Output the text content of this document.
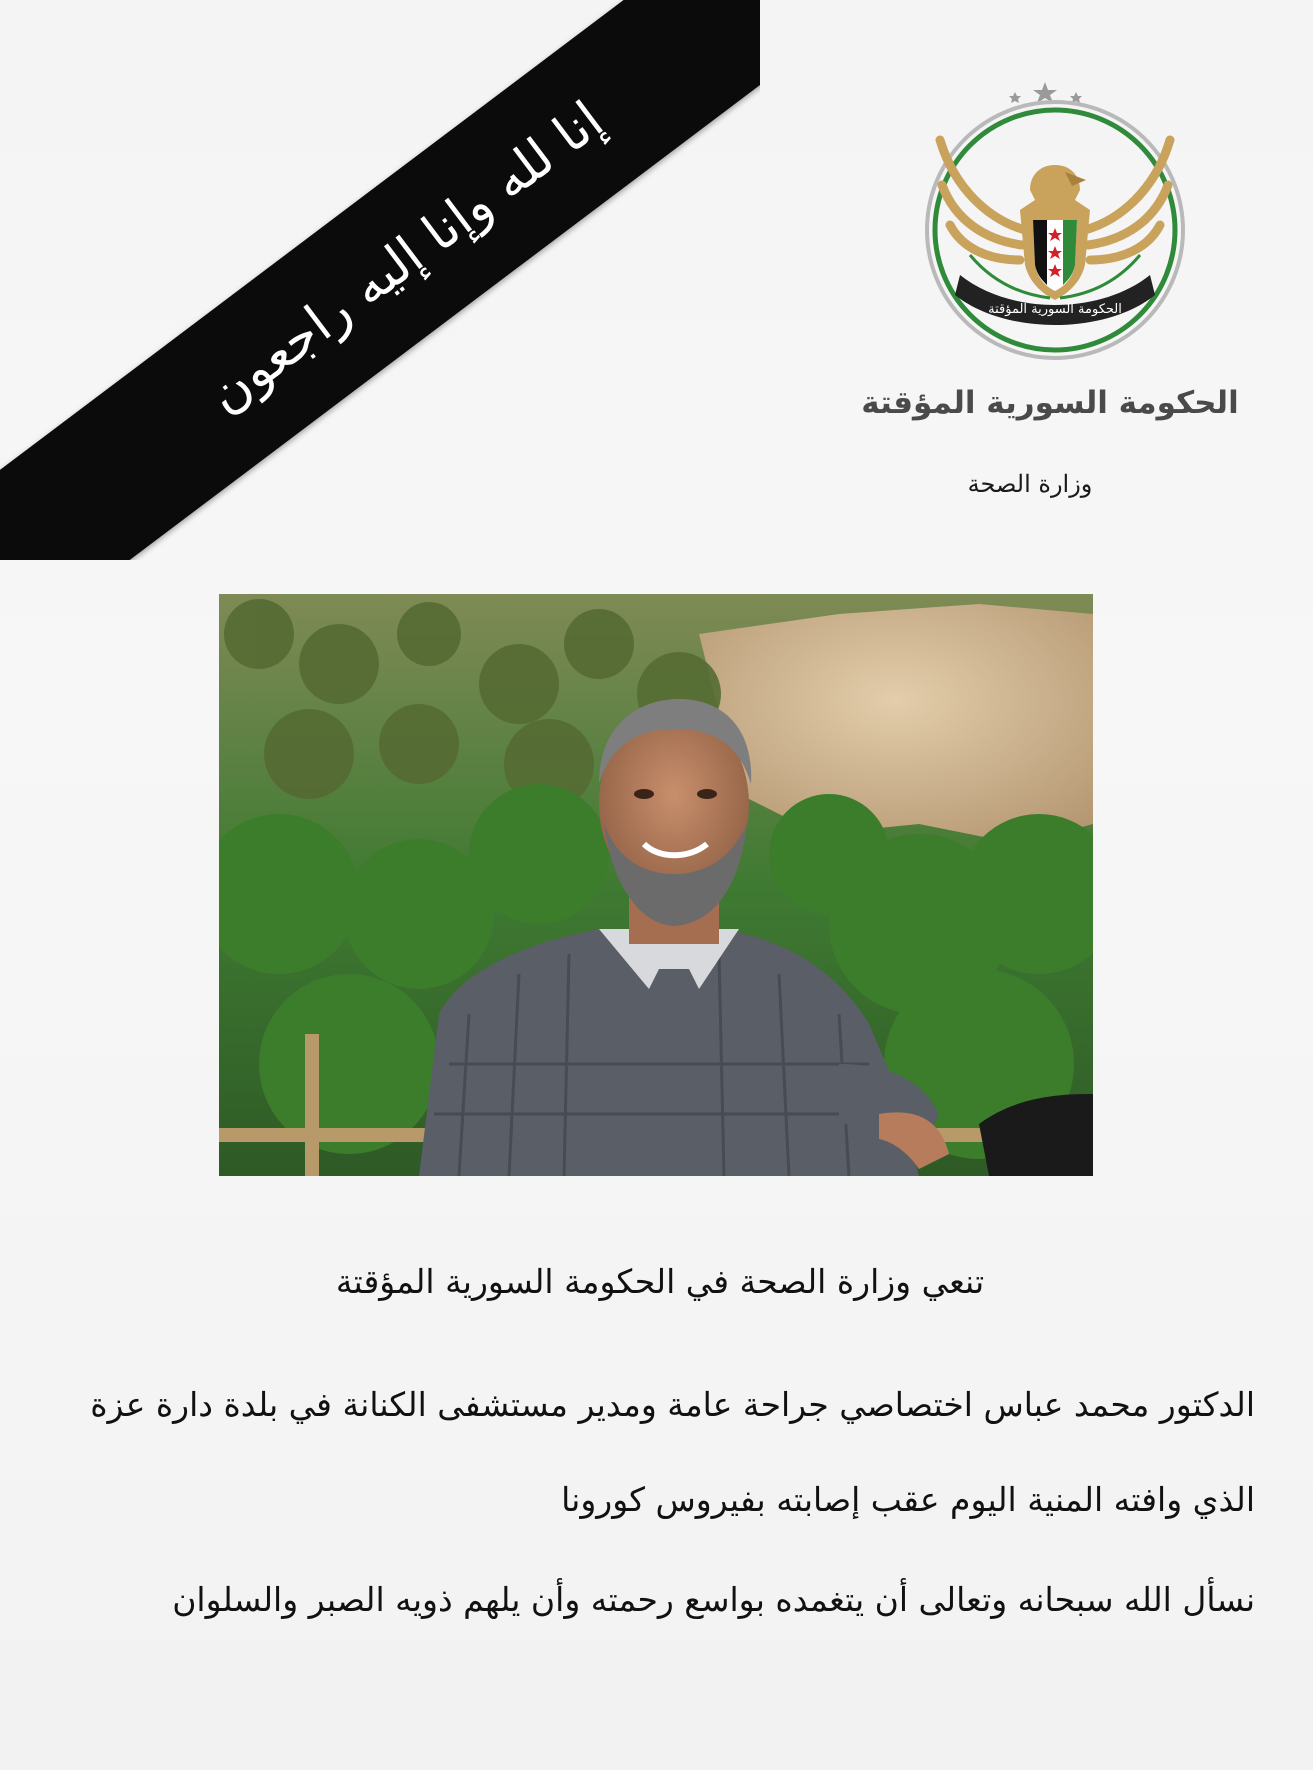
إنا لله وإنا إليه راجعون	الحكومة السورية المؤقتة
الحكومة السورية المؤقتة
وزارة الصحة
تنعي وزارة الصحة في الحكومة السورية المؤقتة
الدكتور محمد عباس اختصاصي جراحة عامة ومدير مستشفى الكنانة في بلدة دارة عزة
الذي وافته المنية اليوم عقب إصابته بفيروس كورونا
نسأل الله سبحانه وتعالى أن يتغمده بواسع رحمته وأن يلهم ذويه الصبر والسلوان
